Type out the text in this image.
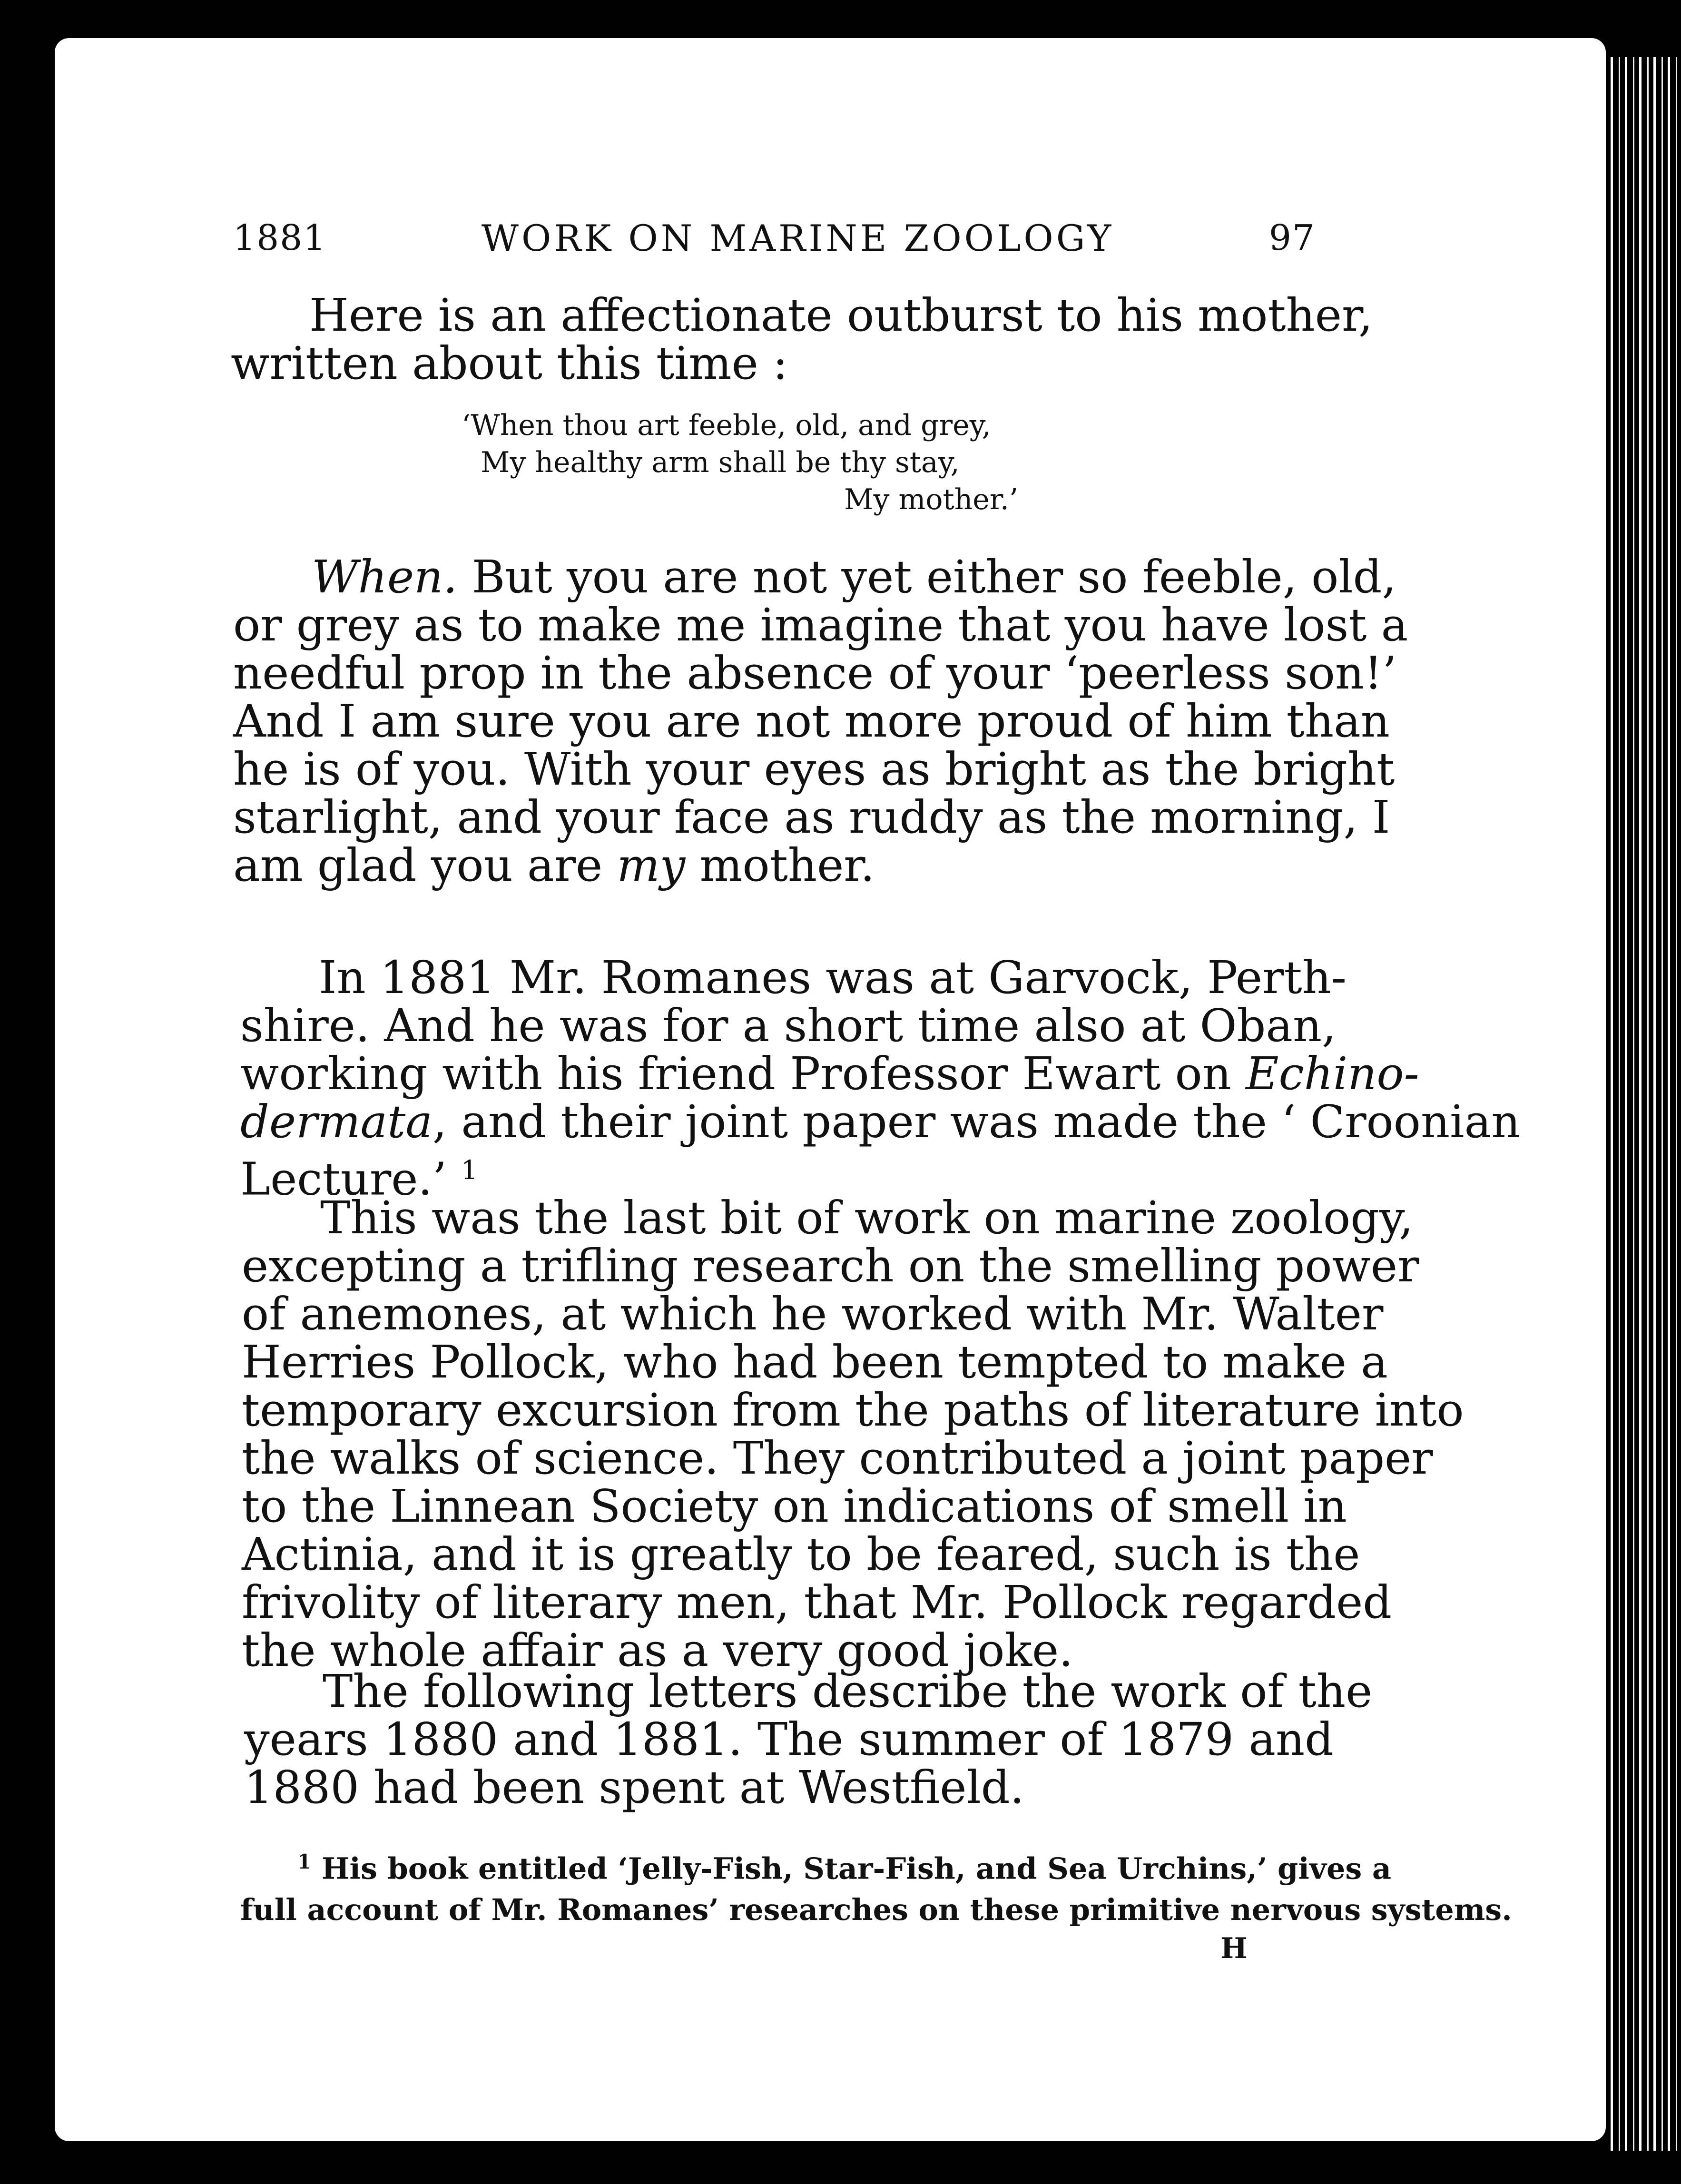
1881	WORK ON MARINE ZOOLOGY	97
Here is an affectionate outburst to his mother,
written about this time :
‘When thou art feeble, old, and grey,
My healthy arm shall be thy stay,
My mother.’
When. But you are not yet either so feeble, old,
or grey as to make me imagine that you have lost a
needful prop in the absence of your ‘peerless son!’
And I am sure you are not more proud of him than
he is of you. With your eyes as bright as the bright
starlight, and your face as ruddy as the morning, I
am glad you are my mother.
In 1881 Mr. Romanes was at Garvock, Perth-
shire. And he was for a short time also at Oban,
working with his friend Professor Ewart on Echino-
dermata, and their joint paper was made the ‘ Croonian
Lecture.’ $^1$
This was the last bit of work on marine zoology,
excepting a trifling research on the smelling power
of anemones, at which he worked with Mr. Walter
Herries Pollock, who had been tempted to make a
temporary excursion from the paths of literature into
the walks of science. They contributed a joint paper
to the Linnean Society on indications of smell in
Actinia, and it is greatly to be feared, such is the
frivolity of literary men, that Mr. Pollock regarded
the whole affair as a very good joke.
The following letters describe the work of the
years 1880 and 1881. The summer of 1879 and
1880 had been spent at Westfield.
$^1$ His book entitled ‘Jelly-Fish, Star-Fish, and Sea Urchins,’ gives a
full account of Mr. Romanes’ researches on these primitive nervous systems.
H
